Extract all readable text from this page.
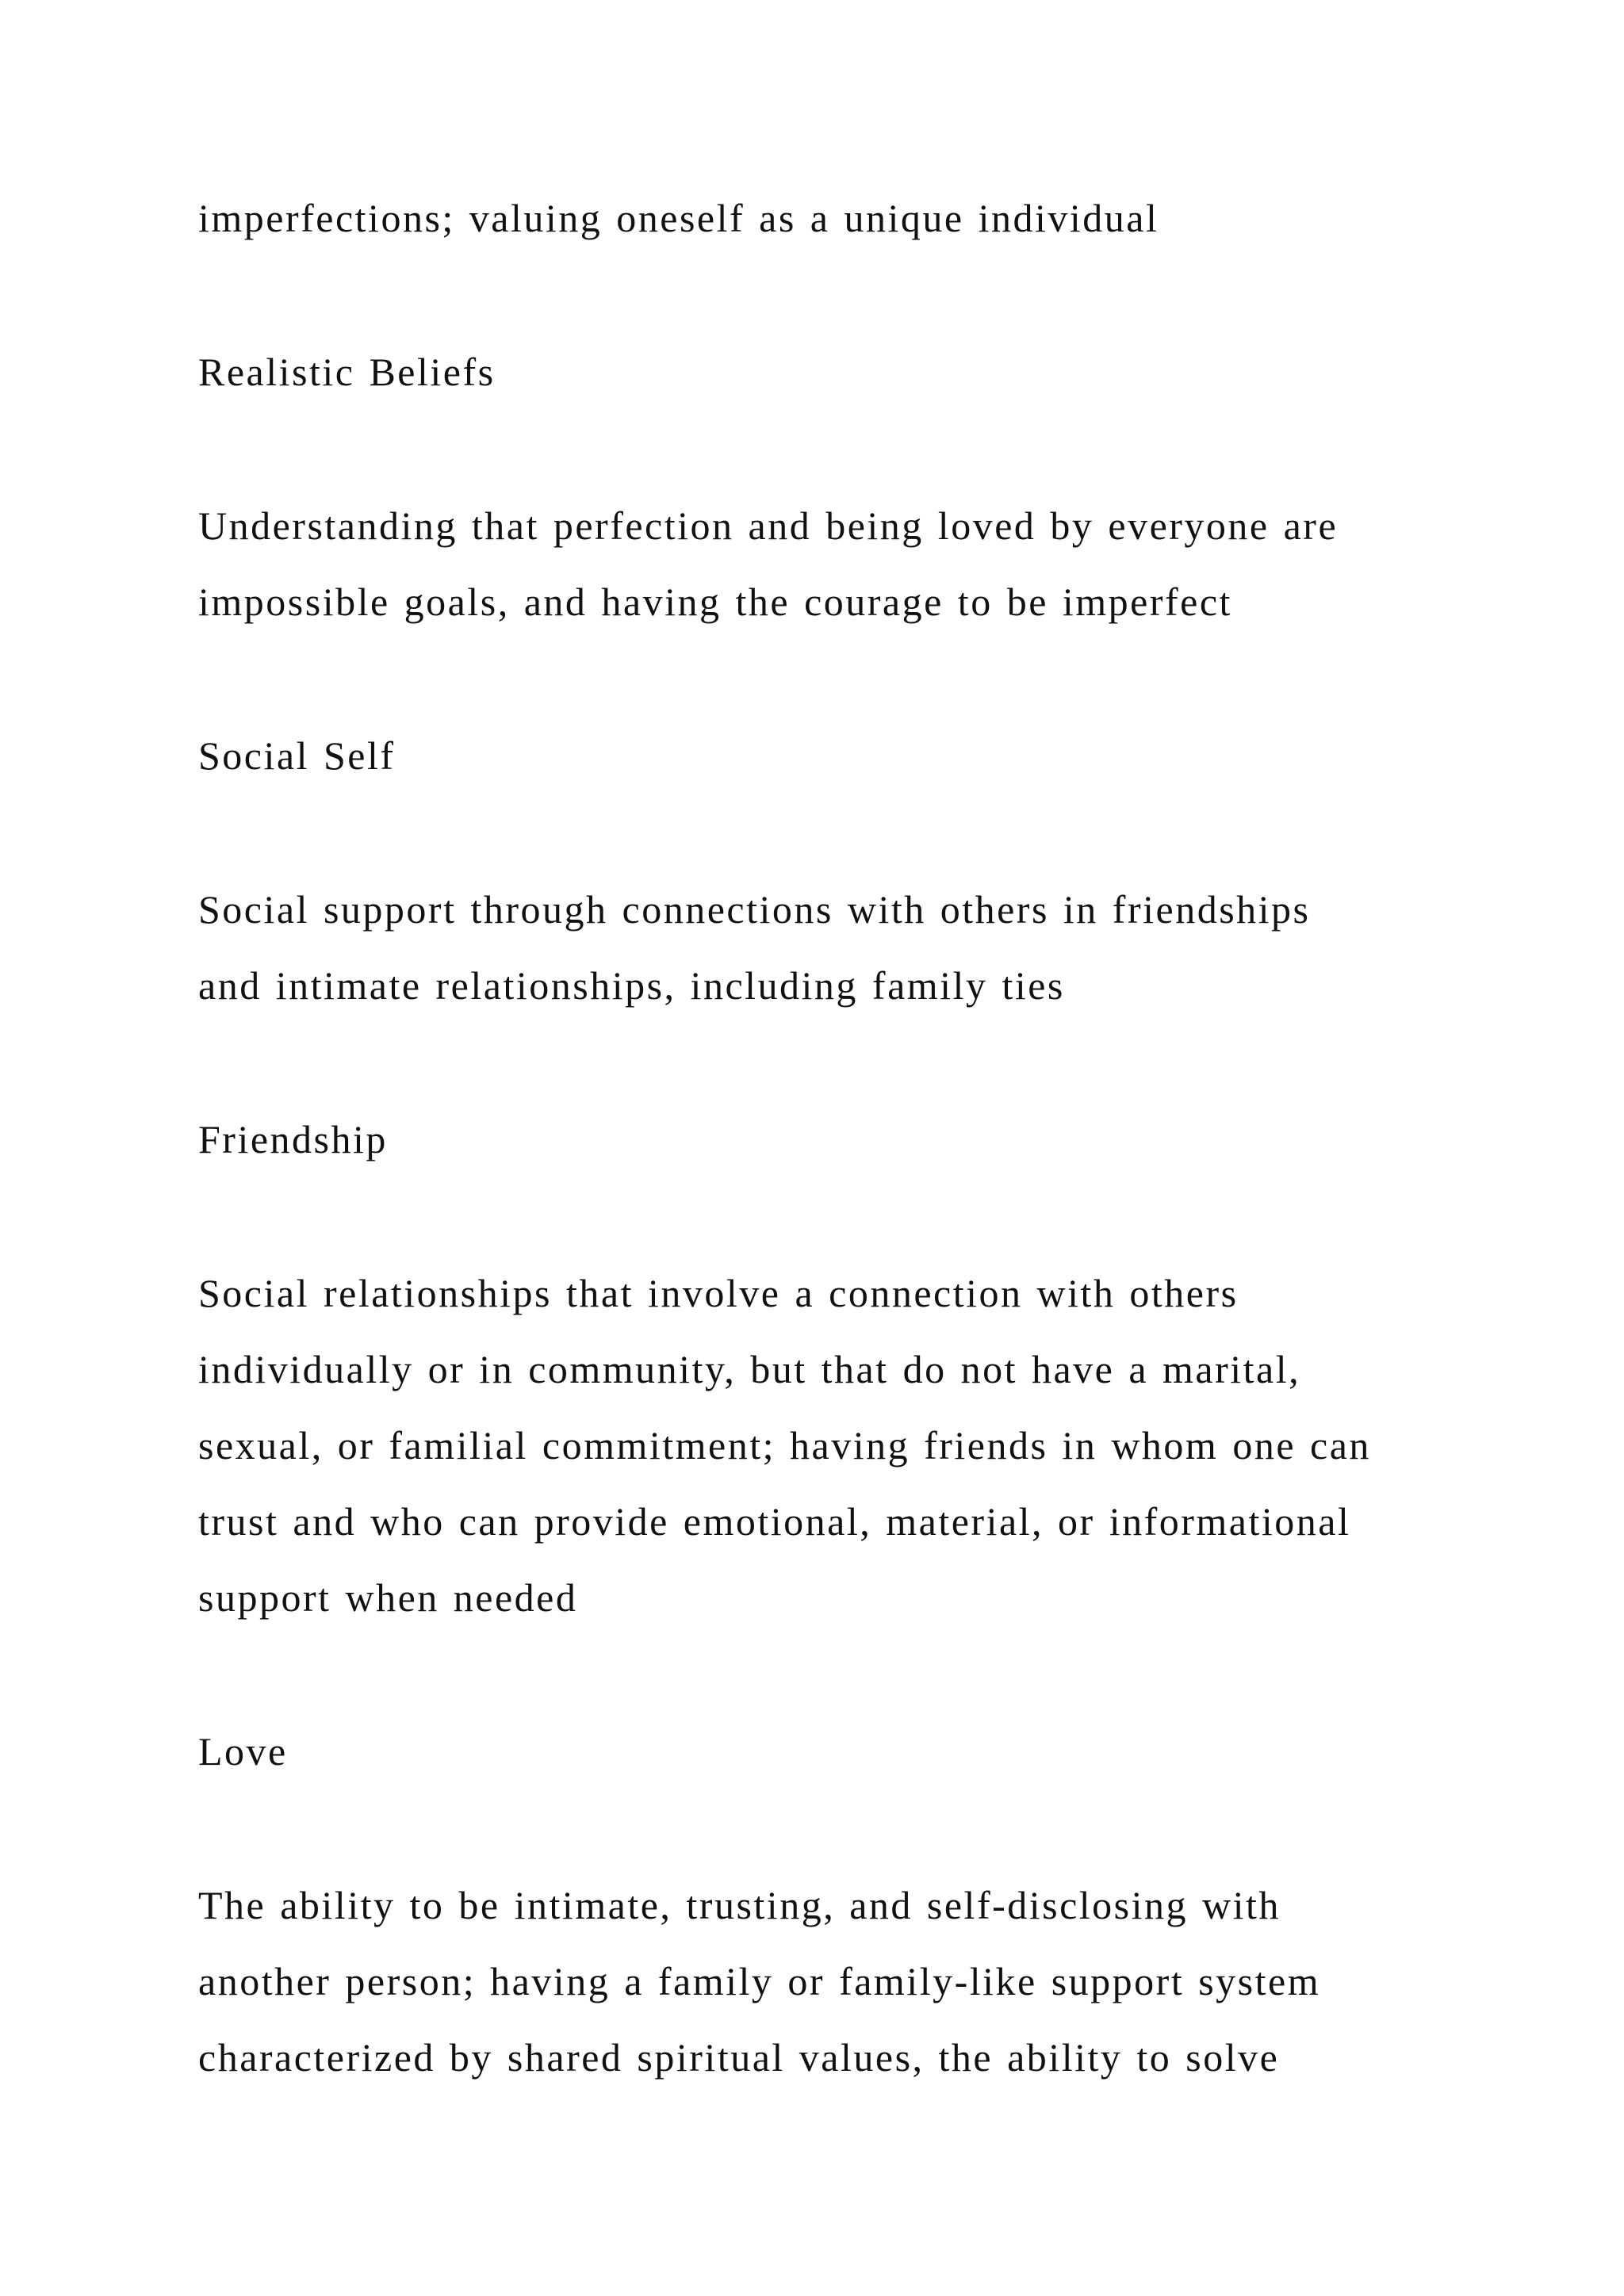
imperfections; valuing oneself as a unique individual

Realistic Beliefs

Understanding that perfection and being loved by everyone are

impossible goals, and having the courage to be imperfect

Social Self

Social support through connections with others in friendships

and intimate relationships, including family ties

Friendship

Social relationships that involve a connection with others

individually or in community, but that do not have a marital,

sexual, or familial commitment; having friends in whom one can

trust and who can provide emotional, material, or informational

support when needed

Love

The ability to be intimate, trusting, and self-disclosing with

another person; having a family or family-like support system

characterized by shared spiritual values, the ability to solve
